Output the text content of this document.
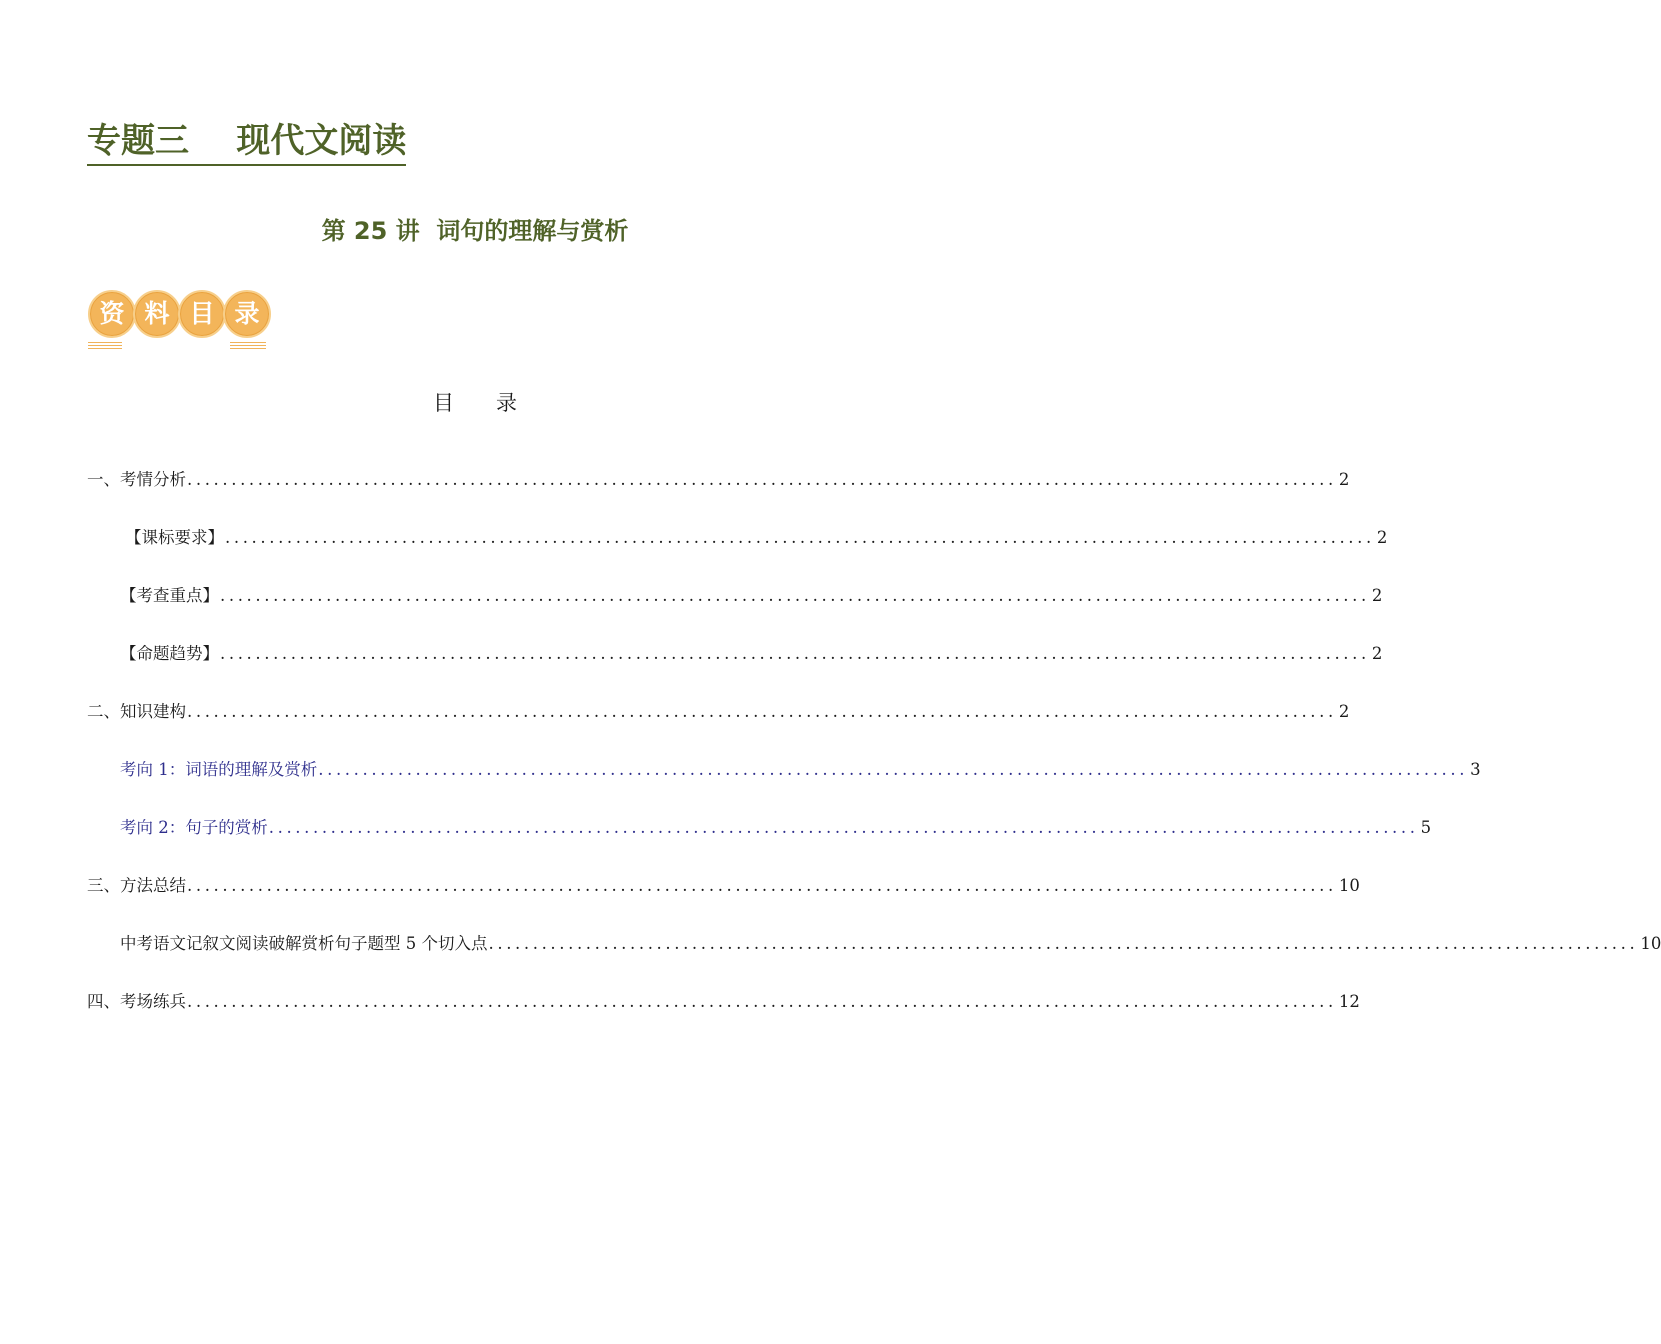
专题三    现代文阅读
第 25 讲  词句的理解与赏析
资 料 目 录
目 录
一、考情分析 .................................................................................................................................. 2
【课标要求】 .................................................................................................................................. 2
【考查重点】 .................................................................................................................................. 2
【命题趋势】 .................................................................................................................................. 2
二、知识建构 .................................................................................................................................. 2
考向 1：词语的理解及赏析 .................................................................................................................................. 3
考向 2：句子的赏析 .................................................................................................................................. 5
三、方法总结 .................................................................................................................................. 10
中考语文记叙文阅读破解赏析句子题型 5 个切入点 .................................................................................................................................. 10
四、考场练兵 .................................................................................................................................. 12
